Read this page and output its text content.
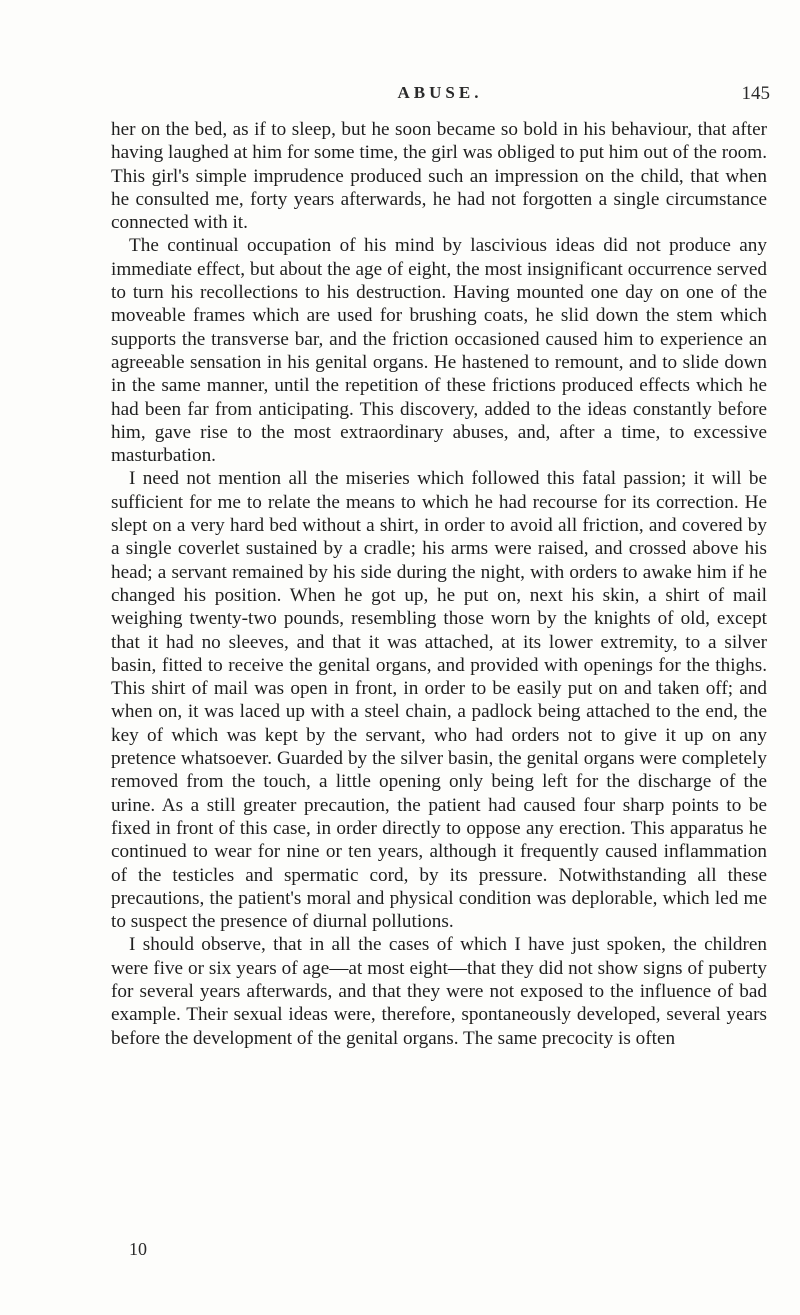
ABUSE.	145

her on the bed, as if to sleep, but he soon became so bold in his behaviour, that after having laughed at him for some time, the girl was obliged to put him out of the room. This girl's simple imprudence produced such an impression on the child, that when he consulted me, forty years afterwards, he had not forgotten a single circumstance connected with it.

The continual occupation of his mind by lascivious ideas did not produce any immediate effect, but about the age of eight, the most insignificant occurrence served to turn his recollections to his destruction. Having mounted one day on one of the moveable frames which are used for brushing coats, he slid down the stem which supports the transverse bar, and the friction occasioned caused him to experience an agreeable sensation in his genital organs. He hastened to remount, and to slide down in the same manner, until the repetition of these frictions produced effects which he had been far from anticipating. This discovery, added to the ideas constantly before him, gave rise to the most extraordinary abuses, and, after a time, to excessive masturbation.

I need not mention all the miseries which followed this fatal passion; it will be sufficient for me to relate the means to which he had recourse for its correction. He slept on a very hard bed without a shirt, in order to avoid all friction, and covered by a single coverlet sustained by a cradle; his arms were raised, and crossed above his head; a servant remained by his side during the night, with orders to awake him if he changed his position. When he got up, he put on, next his skin, a shirt of mail weighing twenty-two pounds, resembling those worn by the knights of old, except that it had no sleeves, and that it was attached, at its lower extremity, to a silver basin, fitted to receive the genital organs, and provided with openings for the thighs. This shirt of mail was open in front, in order to be easily put on and taken off; and when on, it was laced up with a steel chain, a padlock being attached to the end, the key of which was kept by the servant, who had orders not to give it up on any pretence whatsoever. Guarded by the silver basin, the genital organs were completely removed from the touch, a little opening only being left for the discharge of the urine. As a still greater precaution, the patient had caused four sharp points to be fixed in front of this case, in order directly to oppose any erection. This apparatus he continued to wear for nine or ten years, although it frequently caused inflammation of the testicles and spermatic cord, by its pressure. Notwithstanding all these precautions, the patient's moral and physical condition was deplorable, which led me to suspect the presence of diurnal pollutions.

I should observe, that in all the cases of which I have just spoken, the children were five or six years of age—at most eight—that they did not show signs of puberty for several years afterwards, and that they were not exposed to the influence of bad example. Their sexual ideas were, therefore, spontaneously developed, several years before the development of the genital organs. The same precocity is often

10
